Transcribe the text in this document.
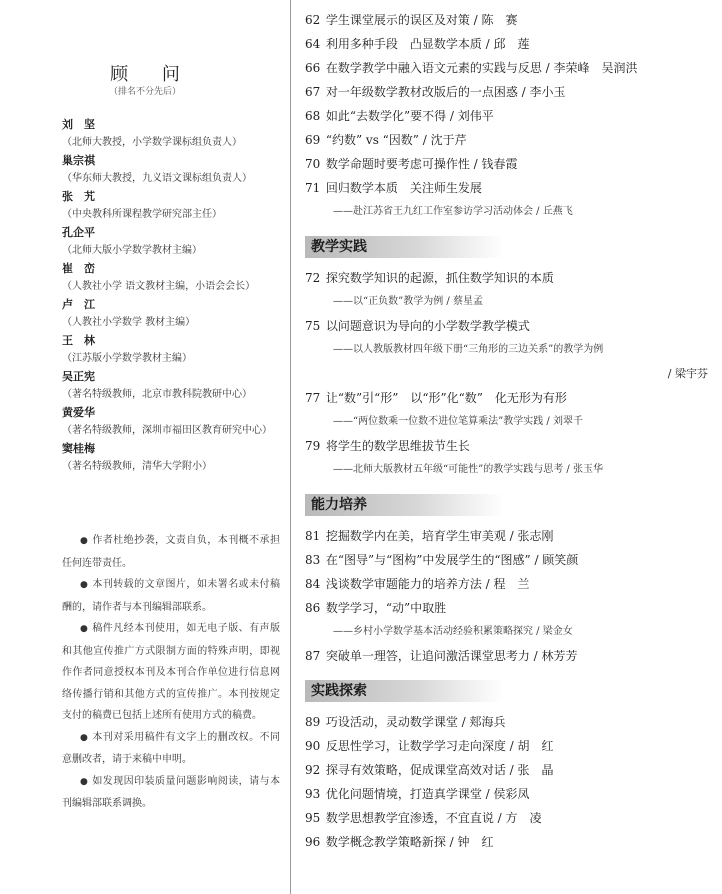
顾 问
（排名不分先后）
刘　坚
（北师大教授，小学数学课标组负责人）
巢宗祺
（华东师大教授，九义语文课标组负责人）
张　艽
（中央教科所课程教学研究部主任）
孔企平
（北师大版小学数学教材主编）
崔　峦
（人教社小学 语文教材主编，小语会会长）
卢　江
（人教社小学数学 教材主编）
王　林
（江苏版小学数学教材主编）
吴正宪
（著名特级教师，北京市教科院教研中心）
黄爱华
（著名特级教师，深圳市福田区教育研究中心）
窦桂梅
（著名特级教师，清华大学附小）

● 作者杜绝抄袭，文责自负，本刊概不承担任何连带责任。

● 本刊转载的文章图片，如未署名或未付稿酬的，请作者与本刊编辑部联系。

● 稿件凡经本刊使用，如无电子版、有声版和其他宣传推广方式限制方面的特殊声明，即视作作者同意授权本刊及本刊合作单位进行信息网络传播行销和其他方式的宣传推广。本刊按规定支付的稿费已包括上述所有使用方式的稿费。

● 本刊对采用稿件有文字上的删改权。不同意删改者，请于来稿中申明。

● 如发现因印装质量问题影响阅读，请与本刊编辑部联系调换。

62 学生课堂展示的误区及对策 / 陈　赛
64 利用多种手段　凸显数学本质 / 邱　莲
66 在数学教学中融入语文元素的实践与反思 / 李荣峰　吴润洪
67 对一年级数学教材改版后的一点困惑 / 李小玉
68 如此“去数学化”要不得 / 刘伟平
69 “约数” vs “因数” / 沈于芹
70 数学命题时要考虑可操作性 / 钱春霞
71 回归数学本质　关注师生发展
——赴江苏省王九红工作室参访学习活动体会 / 丘燕飞
教学实践
72 探究数学知识的起源，抓住数学知识的本质
——以“正负数”教学为例 / 蔡星孟
75 以问题意识为导向的小学数学教学模式
——以人教版教材四年级下册“三角形的三边关系”的教学为例
/ 梁宇芬
77 让“数”引“形”　以“形”化“数”　化无形为有形
——“两位数乘一位数不进位笔算乘法”教学实践 / 刘翠千
79 将学生的数学思维拔节生长
——北师大版教材五年级“可能性”的教学实践与思考 / 张玉华
能力培养
81 挖掘数学内在美，培育学生审美观 / 张志刚
83 在“图导”与“图构”中发展学生的“图感” / 顾笑颜
84 浅谈数学审题能力的培养方法 / 程　兰
86 数学学习，“动”中取胜
——乡村小学数学基本活动经验积累策略探究 / 梁金女
87 突破单一理答，让追问激活课堂思考力 / 林芳芳
实践探索
89 巧设活动，灵动数学课堂 / 郏海兵
90 反思性学习，让数学学习走向深度 / 胡　红
92 探寻有效策略，促成课堂高效对话 / 张　晶
93 优化问题情境，打造真学课堂 / 侯彩凤
95 数学思想教学宜渗透，不宜直说 / 方　凌
96 数学概念教学策略新探 / 钟　红
